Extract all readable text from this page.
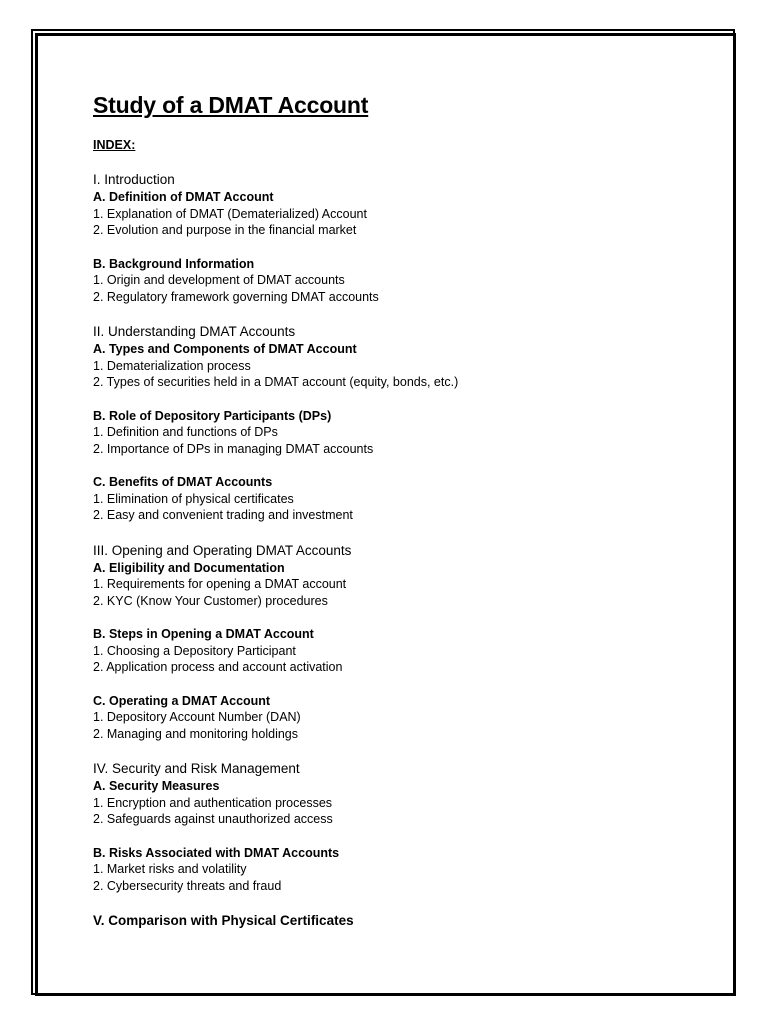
Study of a DMAT Account
INDEX:
I. Introduction
A. Definition of DMAT Account
1. Explanation of DMAT (Dematerialized) Account
2. Evolution and purpose in the financial market
B. Background Information
1. Origin and development of DMAT accounts
2. Regulatory framework governing DMAT accounts
II. Understanding DMAT Accounts
A. Types and Components of DMAT Account
1. Dematerialization process
2. Types of securities held in a DMAT account (equity, bonds, etc.)
B. Role of Depository Participants (DPs)
1. Definition and functions of DPs
2. Importance of DPs in managing DMAT accounts
C. Benefits of DMAT Accounts
1. Elimination of physical certificates
2. Easy and convenient trading and investment
III. Opening and Operating DMAT Accounts
A. Eligibility and Documentation
1. Requirements for opening a DMAT account
2. KYC (Know Your Customer) procedures
B. Steps in Opening a DMAT Account
1. Choosing a Depository Participant
2. Application process and account activation
C. Operating a DMAT Account
1. Depository Account Number (DAN)
2. Managing and monitoring holdings
IV. Security and Risk Management
A. Security Measures
1. Encryption and authentication processes
2. Safeguards against unauthorized access
B. Risks Associated with DMAT Accounts
1. Market risks and volatility
2. Cybersecurity threats and fraud
V. Comparison with Physical Certificates
